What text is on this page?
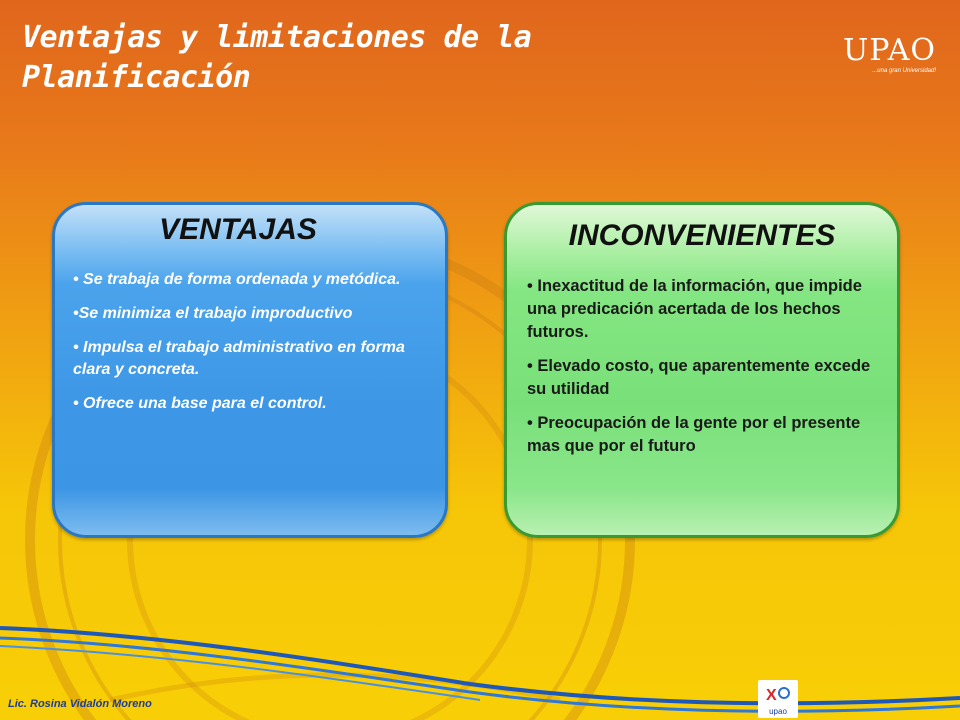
Ventajas y limitaciones de la Planificación
UPAO
...una gran Universidad!
VENTAJAS
• Se trabaja de forma ordenada y metódica.
•Se minimiza el trabajo improductivo
• Impulsa el trabajo administrativo en forma clara y concreta.
• Ofrece una base para el control.
INCONVENIENTES
• Inexactitud de la información, que impide una predicación acertada de los hechos futuros.
• Elevado costo, que aparentemente excede su utilidad
• Preocupación de la gente por el presente mas que por el futuro
Lic. Rosina Vidalón Moreno	X
upao
